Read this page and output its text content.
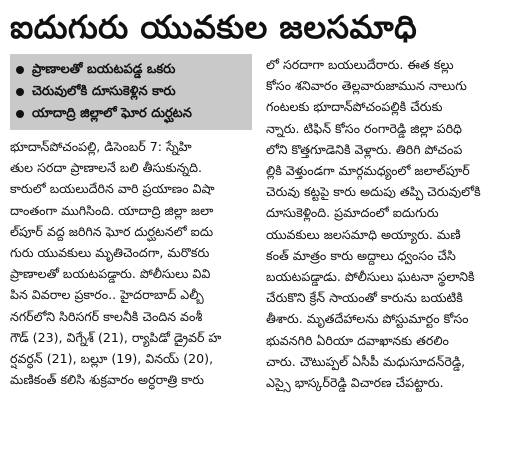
ఐదుగురు యువకుల జలసమాధి
ప్రాణాలతో బయటపడ్డ ఒకరు
చెరువులోకి దూసుకెళ్లిన కారు
యాదాద్రి జిల్లాలో ఘోర దుర్ఘటన

భూదాన్‌పోచంపల్లి, డిసెంబర్ 7: స్నేహి
తుల సరదా ప్రాణాలనే బలి తీసుకున్నది.
కారులో బయలుదేరిన వారి ప్రయాణం విషా
దాంతంగా ముగిసింది. యాదాద్రి జిల్లా జలా
ల్‌పూర్ వద్ద జరిగిన ఘోర దుర్ఘటనలో ఐదు
గురు యువకులు మృతిచెందగా, మరొకరు
ప్రాణాలతో బయటపడ్డారు. పోలీసులు వివి
పిన వివరాల ప్రకారం.. హైదరాబాద్ ఎల్బీ
నగర్‌లోని సిరిసగర్ కాలనీకి చెందిన వంశీ
గౌడ్ (23), విగ్నేశ్ (21), ర్యాపిడో డ్రైవర్ హ
ర్షవర్ధన్ (21), బల్లూ (19), వినయ్ (20),
మణికంత్ కలిసి శుక్రవారం అర్ధరాత్రి కారు

లో సరదాగా బయలుదేరారు. ఈత కల్లు
కోసం శనివారం తెల్లవారుజామున నాలుగు
గంటలకు భూదాన్‌పోచంపల్లికి చేరుకు
న్నారు. టిఫిన్ కోసం రంగారెడ్డి జిల్లా పరిధి
లోని కొత్తగూడెనికి వెళ్లారు. తిరిగి పోచంప
ల్లికి వెళ్తుండగా మార్గమధ్యంలో జలాల్‌పూర్
చెరువు కట్టపై కారు అదుపు తప్పి చెరువులోకి
దూసుకెళ్లింది. ప్రమాదంలో ఐదుగురు
యువకులు జలసమాధి అయ్యారు. మణి
కంత్ మాత్రం కారు అద్దాలు ధ్వంసం చేసి
బయటపడ్డాడు. పోలీసులు ఘటనా స్థలానికి
చేరుకొని క్రేన్ సాయంతో కారును బయటికి
తీశారు. మృతదేహాలను పోస్టుమార్టం కోసం
భువనగిరి ఏరియా దవాఖానకు తరలిం
చారు. చౌటుప్పల్ ఏసీపీ మధుసూదన్‌రెడ్డి,
ఎస్సై భాస్కర్‌రెడ్డి విచారణ చేపట్టారు.
